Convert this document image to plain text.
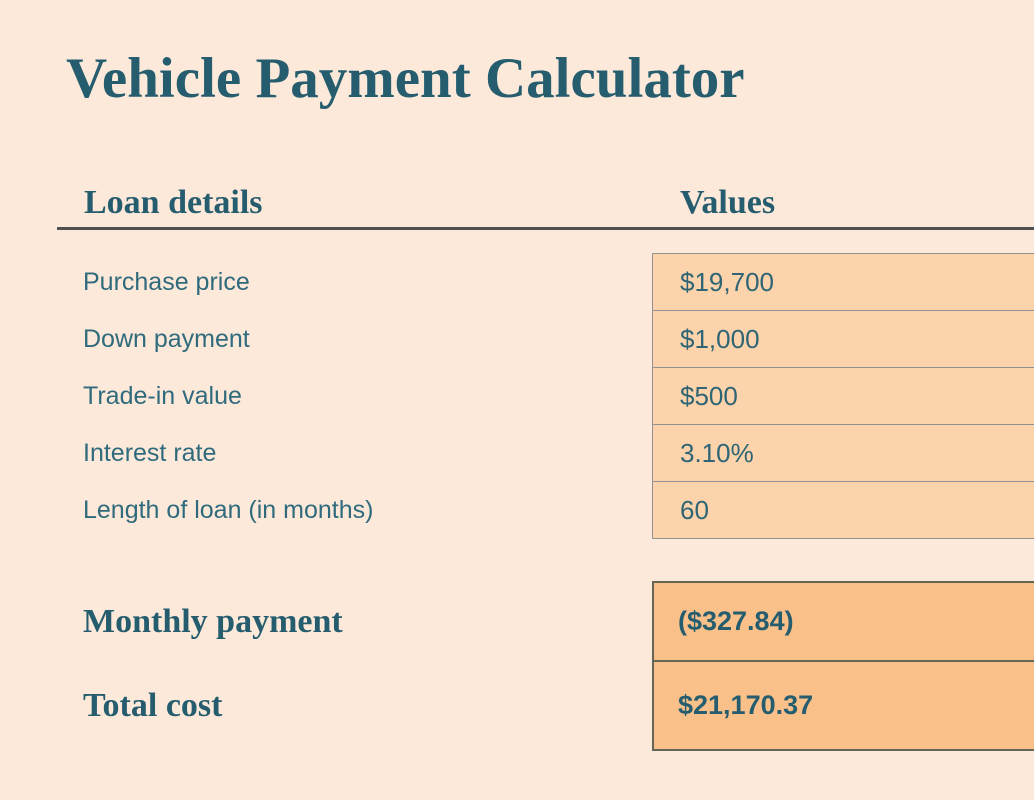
Vehicle Payment Calculator
Loan details	Values
Purchase price	$19,700
Down payment	$1,000
Trade-in value	$500
Interest rate	3.10%
Length of loan (in months)	60
Monthly payment	($327.84)
Total cost	$21,170.37
